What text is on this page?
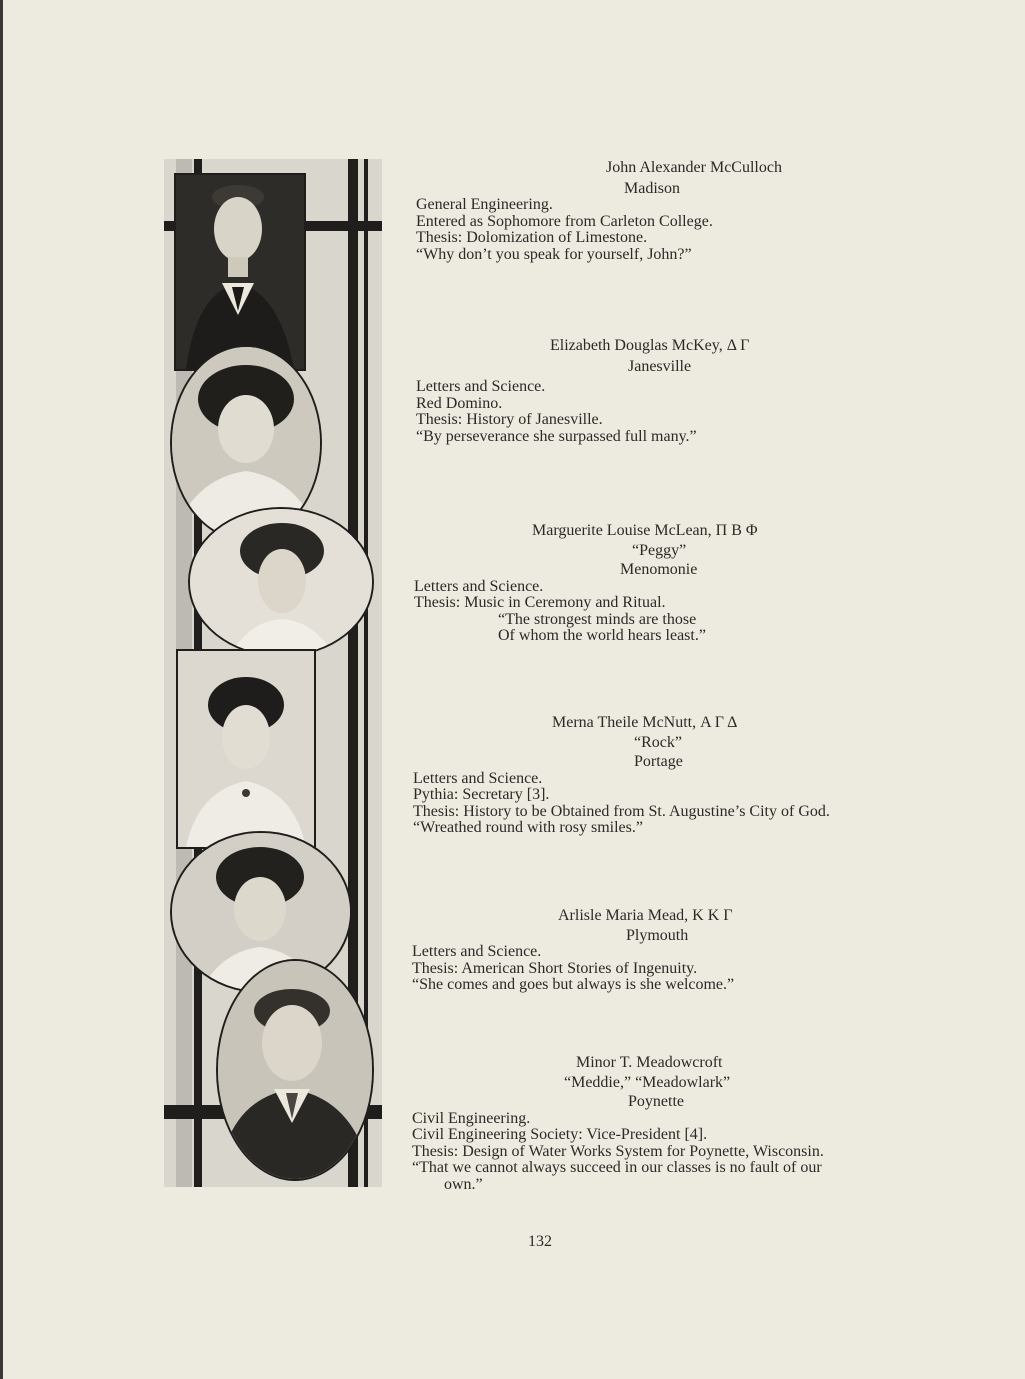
John Alexander McCulloch
Madison
General Engineering.
Entered as Sophomore from Carleton College.
Thesis: Dolomization of Limestone.
“Why don’t you speak for yourself, John?”
Elizabeth Douglas McKey, Δ Γ
Janesville
Letters and Science.
Red Domino.
Thesis: History of Janesville.
“By perseverance she surpassed full many.”
Marguerite Louise McLean, Π Β Φ
“Peggy”
Menomonie
Letters and Science.
Thesis: Music in Ceremony and Ritual.
“The strongest minds are those
Of whom the world hears least.”
Merna Theile McNutt, Α Γ Δ
“Rock”
Portage
Letters and Science.
Pythia: Secretary [3].
Thesis: History to be Obtained from St. Augustine’s City of God.
“Wreathed round with rosy smiles.”
Arlisle Maria Mead, Κ Κ Γ
Plymouth
Letters and Science.
Thesis: American Short Stories of Ingenuity.
“She comes and goes but always is she welcome.”
Minor T. Meadowcroft
“Meddie,” “Meadowlark”
Poynette
Civil Engineering.
Civil Engineering Society: Vice-President [4].
Thesis: Design of Water Works System for Poynette, Wisconsin.
“That we cannot always succeed in our classes is no fault of our
own.”
132
